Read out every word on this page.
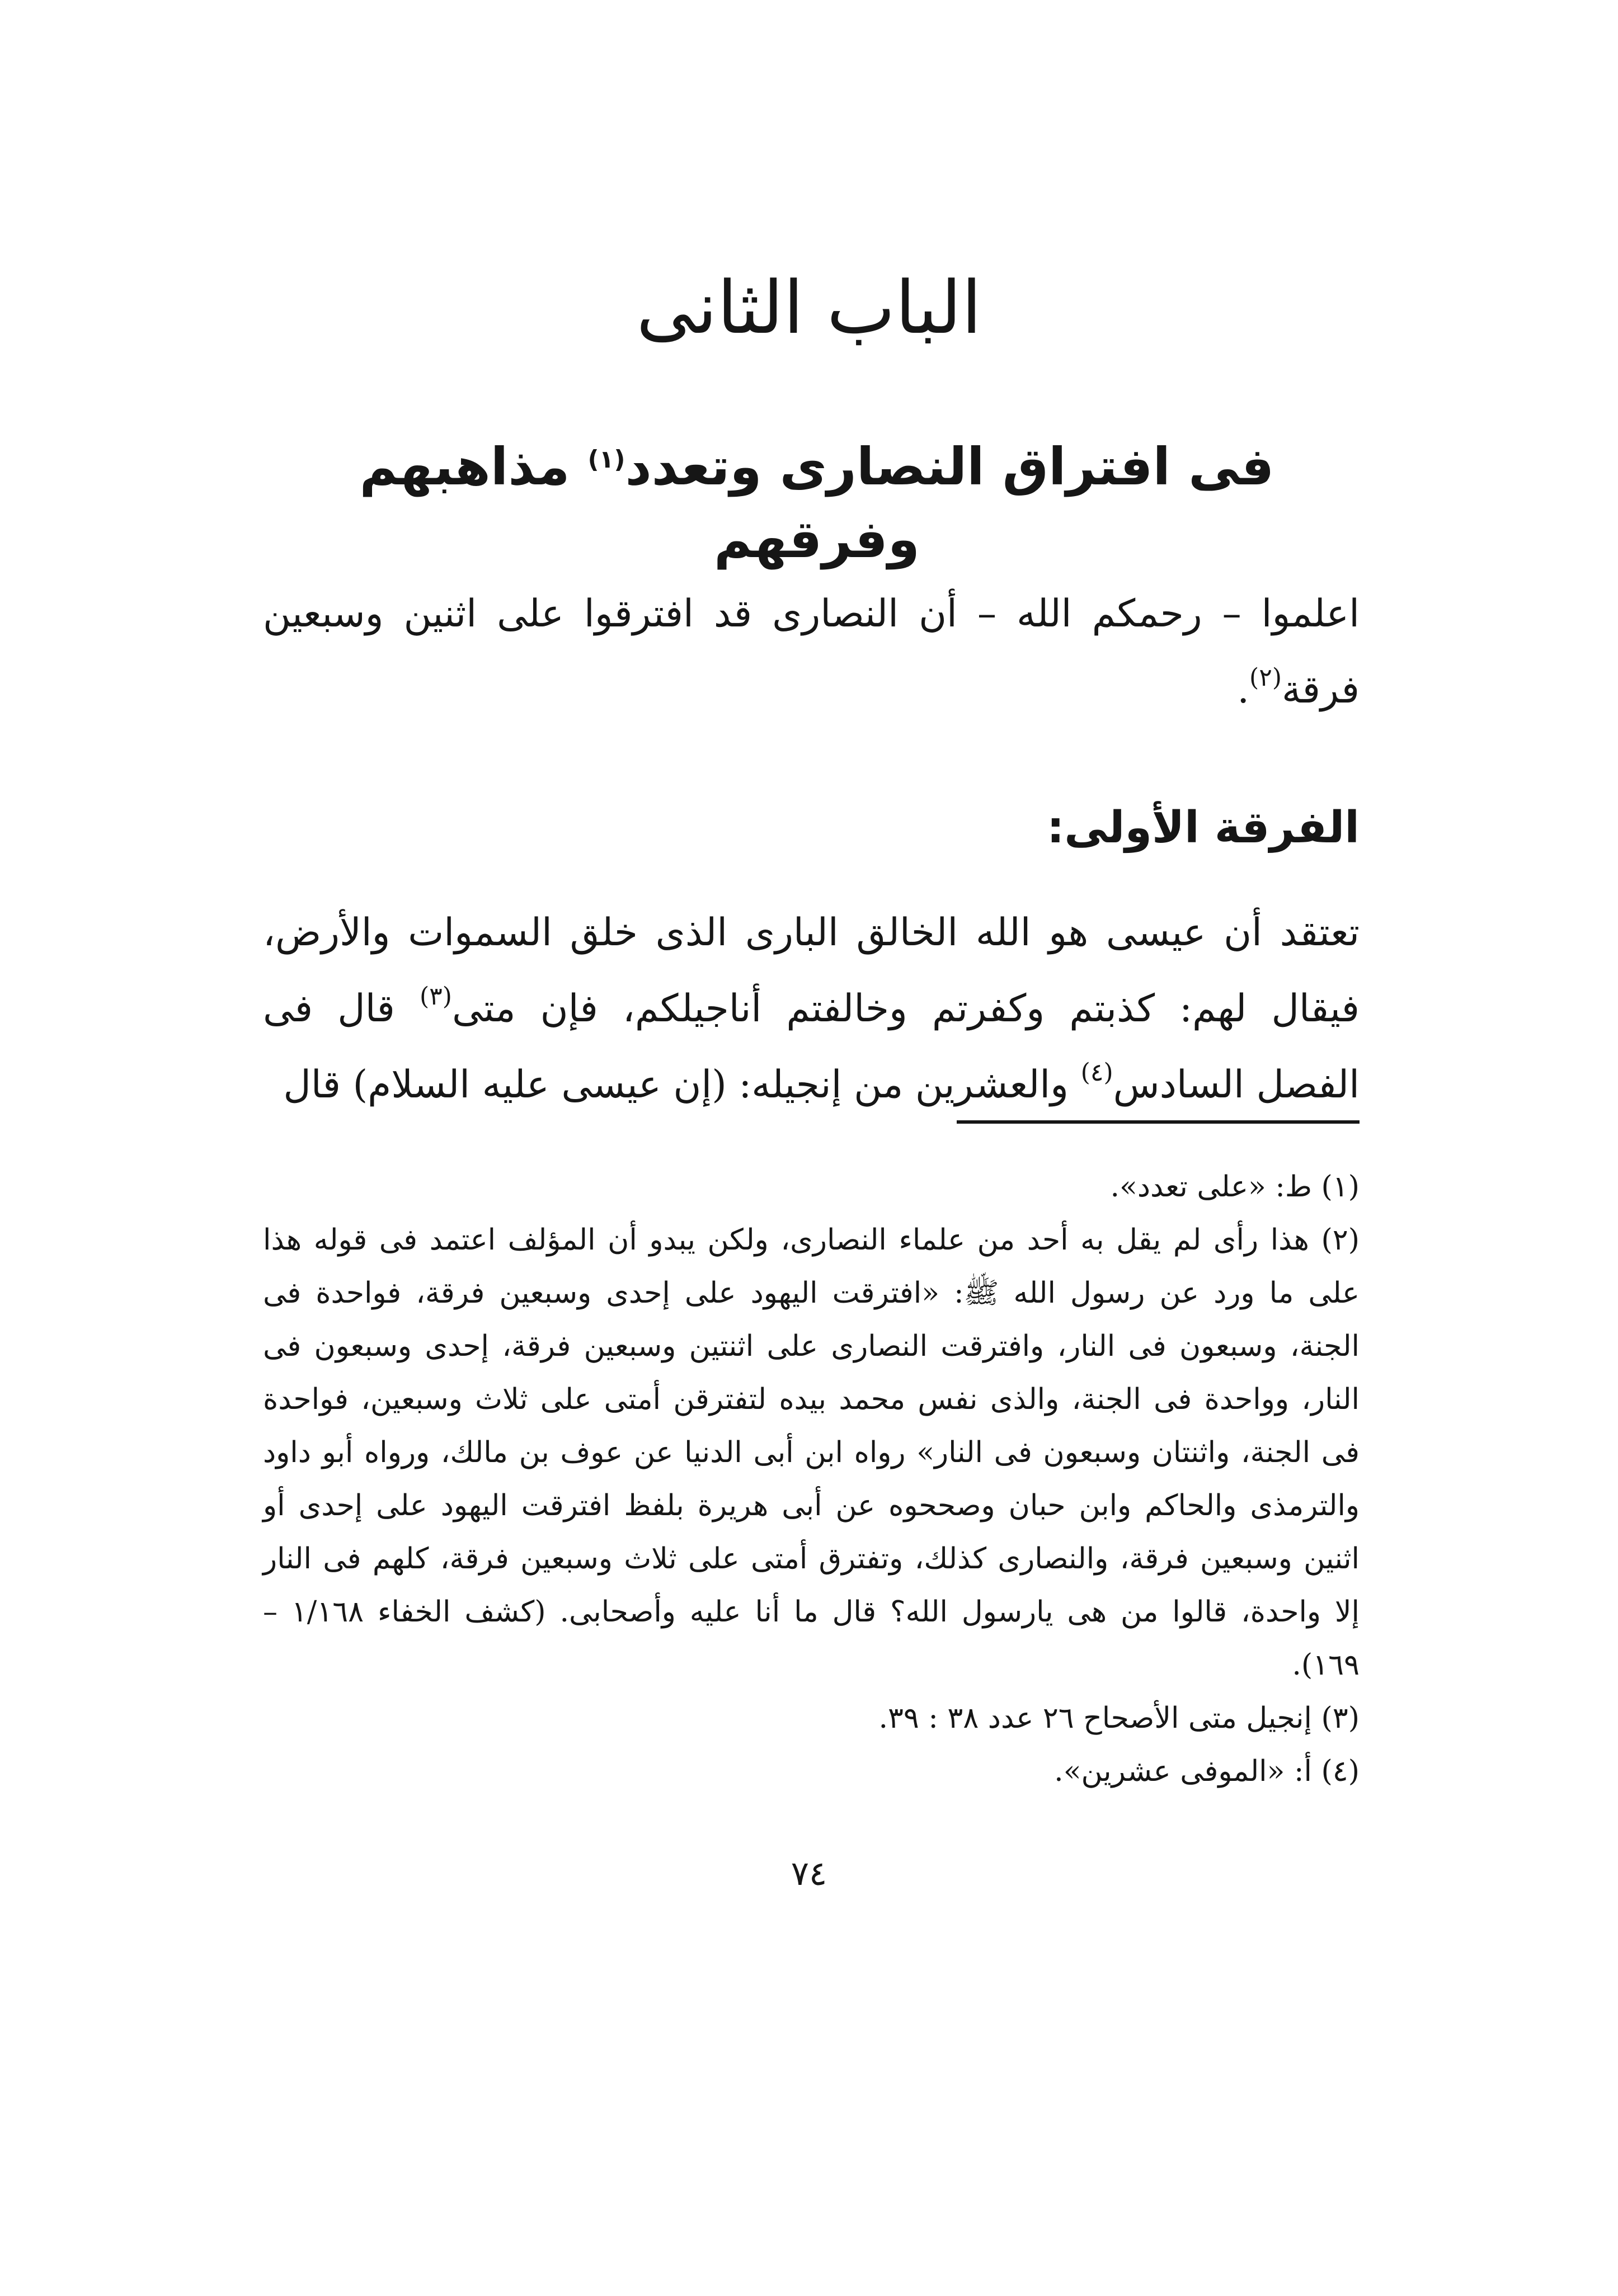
الباب الثانى
فى افتراق النصارى وتعدد$^{(١)}$ مذاهبهم وفرقهم
اعلموا – رحمكم الله – أن النصارى قد افترقوا على اثنين وسبعين فرقة$^{(٢)}$.
الفرقة الأولى:
تعتقد أن عيسى هو الله الخالق البارى الذى خلق السموات والأرض، فيقال لهم: كذبتم وكفرتم وخالفتم أناجيلكم، فإن متى$^{(٣)}$ قال فى الفصل السادس$^{(٤)}$ والعشرين من إنجيله: (إن عيسى عليه السلام) قال
(١) ط: «على تعدد».
(٢) هذا رأى لم يقل به أحد من علماء النصارى، ولكن يبدو أن المؤلف اعتمد فى قوله هذا على ما ورد عن رسول الله ﷺ: «افترقت اليهود على إحدى وسبعين فرقة، فواحدة فى الجنة، وسبعون فى النار، وافترقت النصارى على اثنتين وسبعين فرقة، إحدى وسبعون فى النار، وواحدة فى الجنة، والذى نفس محمد بيده لتفترقن أمتى على ثلاث وسبعين، فواحدة فى الجنة، واثنتان وسبعون فى النار» رواه ابن أبى الدنيا عن عوف بن مالك، ورواه أبو داود والترمذى والحاكم وابن حبان وصححوه عن أبى هريرة بلفظ افترقت اليهود على إحدى أو اثنين وسبعين فرقة، والنصارى كذلك، وتفترق أمتى على ثلاث وسبعين فرقة، كلهم فى النار إلا واحدة، قالوا من هى يارسول الله؟ قال ما أنا عليه وأصحابى. (كشف الخفاء ١/١٦٨ – ١٦٩).
(٣) إنجيل متى الأصحاح ٢٦ عدد ٣٨ : ٣٩.
(٤) أ: «الموفى عشرين».
٧٤
